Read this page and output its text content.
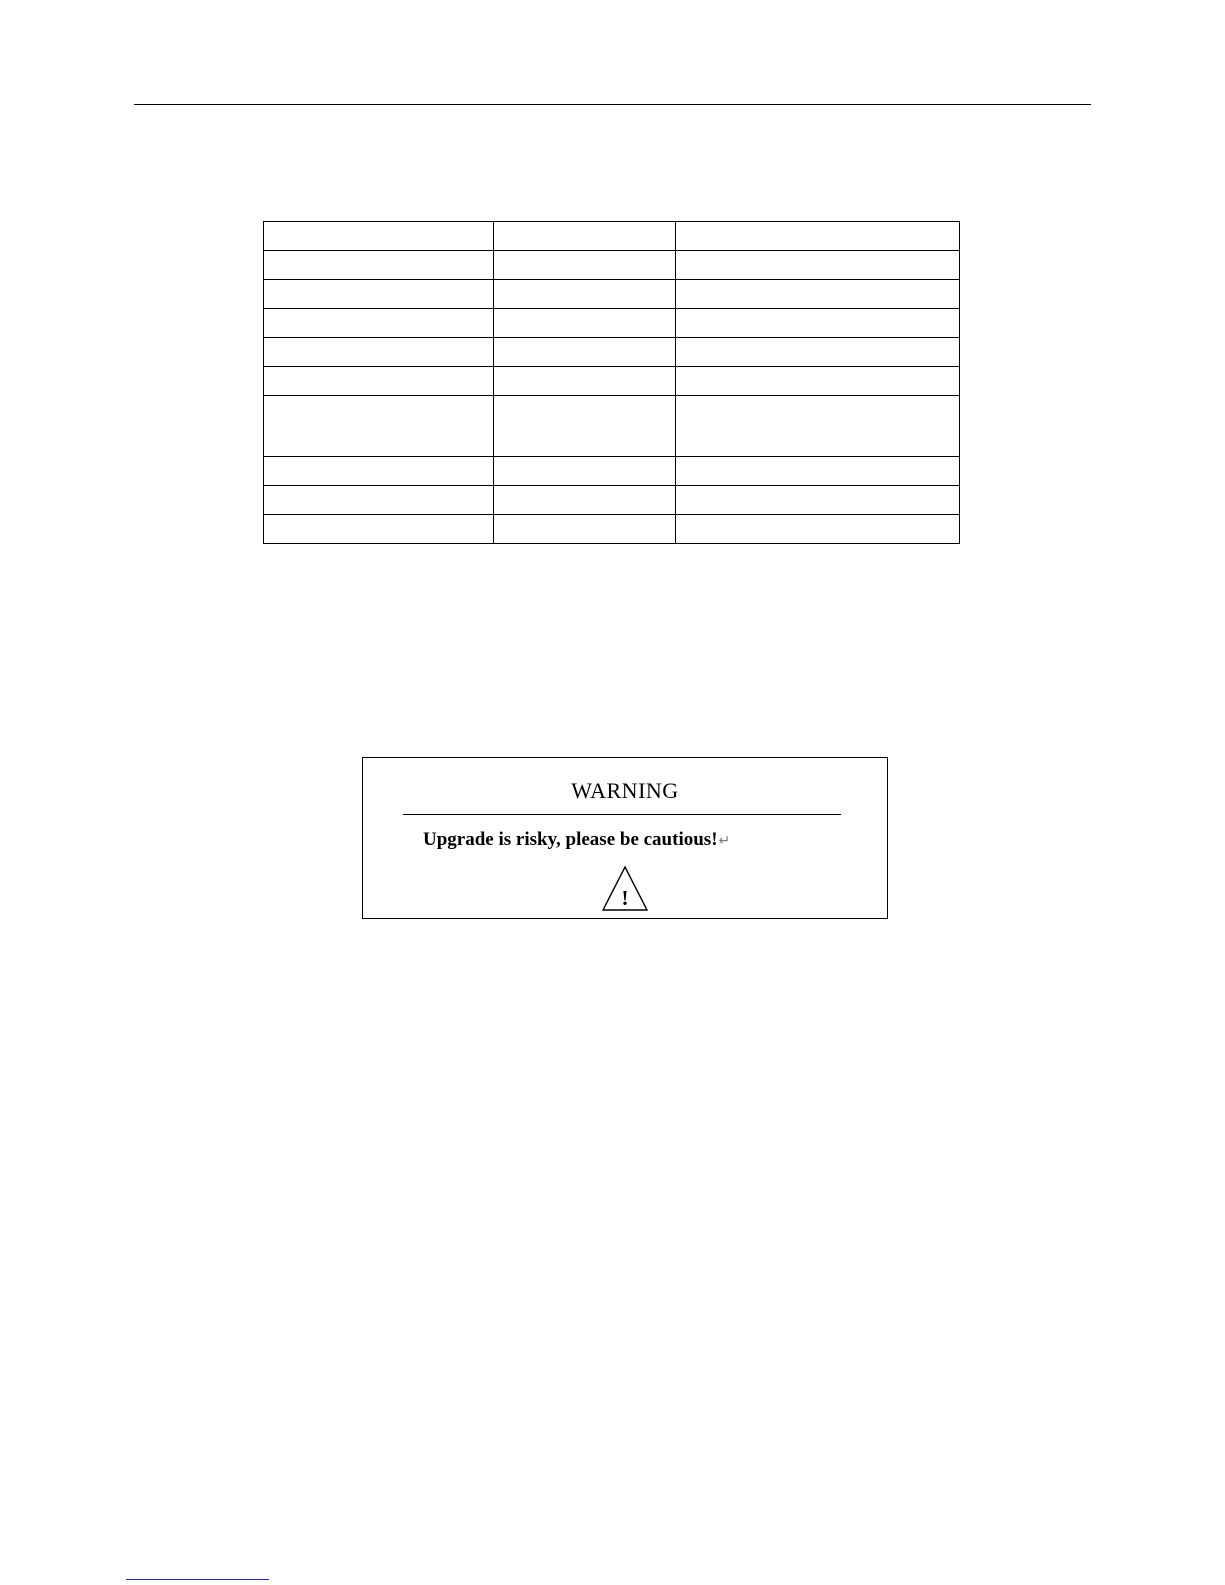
WARNING
Upgrade is risky, please be cautious!↵
!
